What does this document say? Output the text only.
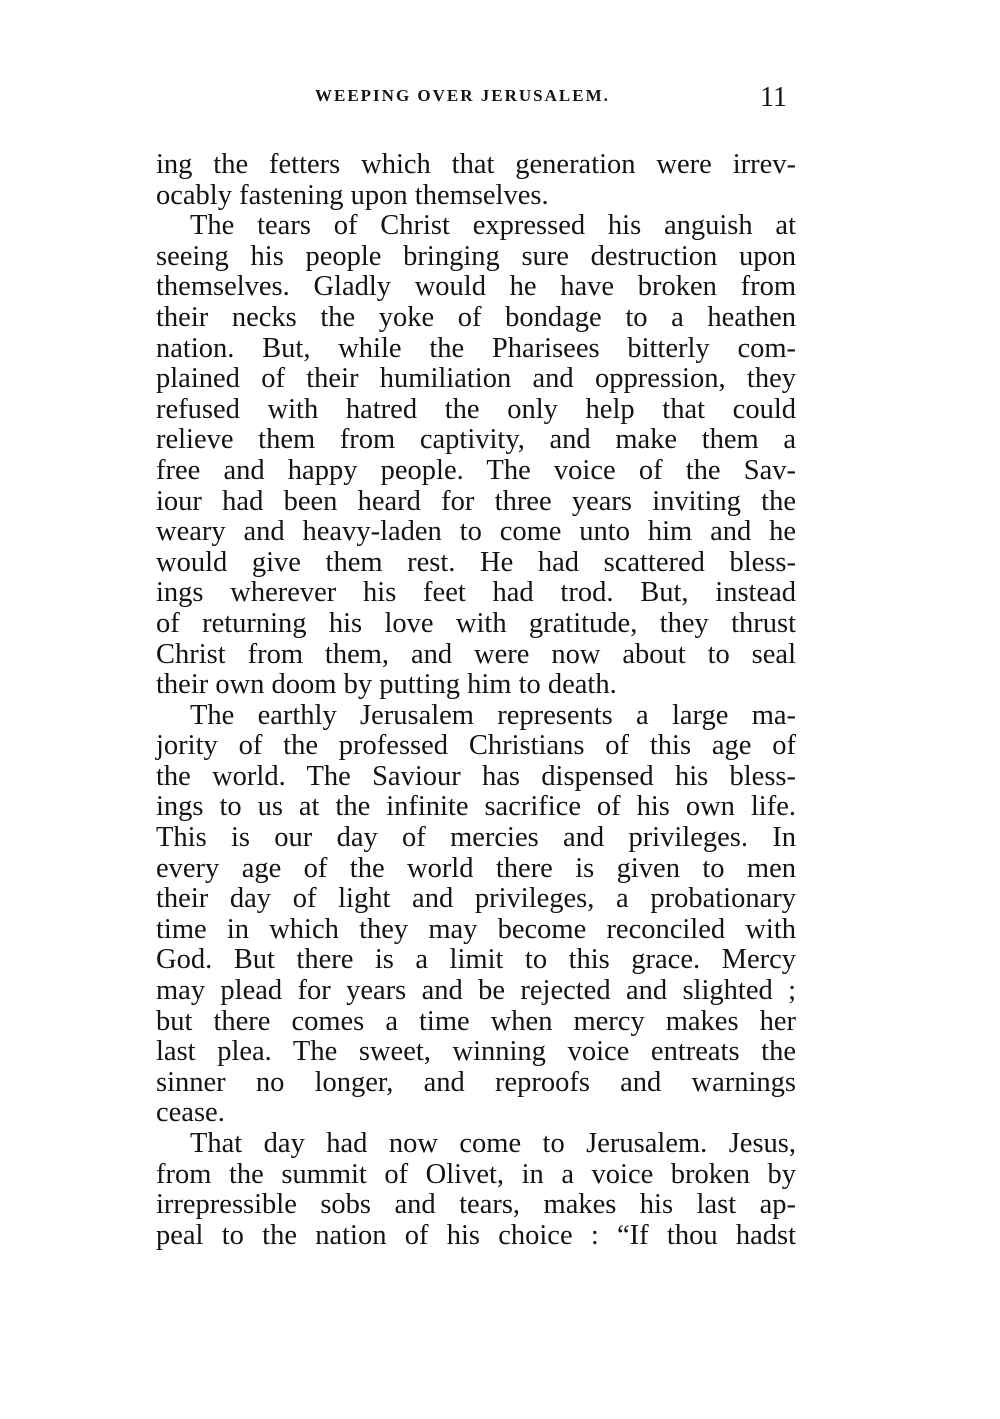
WEEPING OVER JERUSALEM.	11
ing the fetters which that generation were irrev-
ocably fastening upon themselves.
The tears of Christ expressed his anguish at
seeing his people bringing sure destruction upon
themselves. Gladly would he have broken from
their necks the yoke of bondage to a heathen
nation. But, while the Pharisees bitterly com-
plained of their humiliation and oppression, they
refused with hatred the only help that could
relieve them from captivity, and make them a
free and happy people. The voice of the Sav-
iour had been heard for three years inviting the
weary and heavy-laden to come unto him and he
would give them rest. He had scattered bless-
ings wherever his feet had trod. But, instead
of returning his love with gratitude, they thrust
Christ from them, and were now about to seal
their own doom by putting him to death.
The earthly Jerusalem represents a large ma-
jority of the professed Christians of this age of
the world. The Saviour has dispensed his bless-
ings to us at the infinite sacrifice of his own life.
This is our day of mercies and privileges. In
every age of the world there is given to men
their day of light and privileges, a probationary
time in which they may become reconciled with
God. But there is a limit to this grace. Mercy
may plead for years and be rejected and slighted ;
but there comes a time when mercy makes her
last plea. The sweet, winning voice entreats the
sinner no longer, and reproofs and warnings
cease.
That day had now come to Jerusalem. Jesus,
from the summit of Olivet, in a voice broken by
irrepressible sobs and tears, makes his last ap-
peal to the nation of his choice : “If thou hadst
